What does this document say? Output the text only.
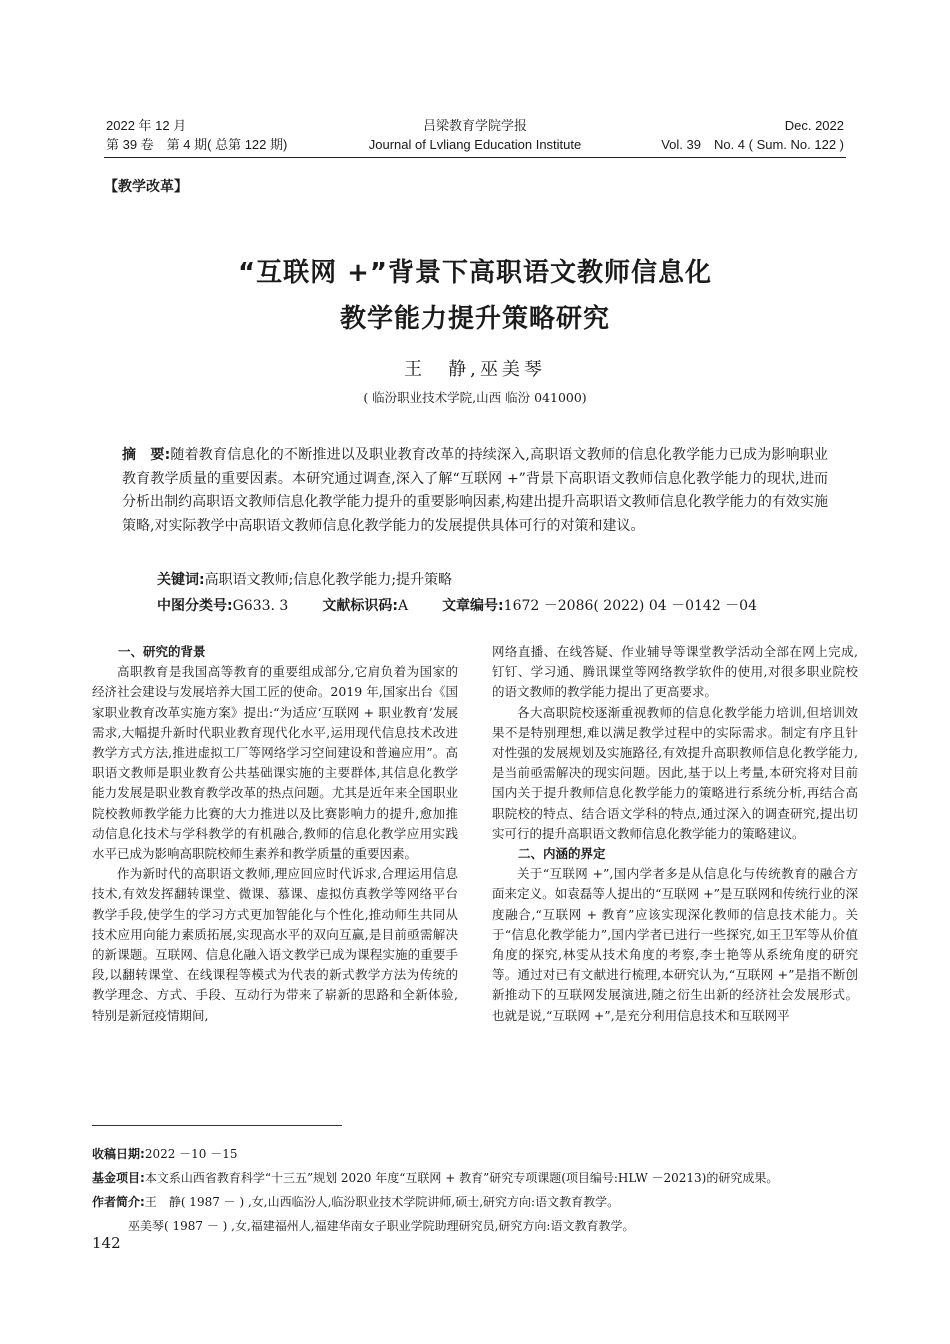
2022 年 12 月
第 39 卷　第 4 期( 总第 122 期)
吕梁教育学院学报
Journal of Lvliang Education Institute
Dec. 2022
Vol. 39　No. 4 ( Sum. No. 122 )
【教学改革】
“互联网 +”背景下高职语文教师信息化
教学能力提升策略研究
王　静,巫美琴
( 临汾职业技术学院,山西 临汾 041000)
摘　要:随着教育信息化的不断推进以及职业教育改革的持续深入,高职语文教师的信息化教学能力已成为影响职业教育教学质量的重要因素。本研究通过调查,深入了解“互联网 +”背景下高职语文教师信息化教学能力的现状,进而分析出制约高职语文教师信息化教学能力提升的重要影响因素,构建出提升高职语文教师信息化教学能力的有效实施策略,对实际教学中高职语文教师信息化教学能力的发展提供具体可行的对策和建议。
关键词:高职语文教师;信息化教学能力;提升策略
中图分类号:G633. 3 文献标识码:A 文章编号:1672 －2086( 2022) 04 －0142 －04
一、研究的背景

高职教育是我国高等教育的重要组成部分,它肩负着为国家的经济社会建设与发展培养大国工匠的使命。2019 年,国家出台《国家职业教育改革实施方案》提出:“为适应‘互联网 + 职业教育’发展需求,大幅提升新时代职业教育现代化水平,运用现代信息技术改进教学方式方法,推进虚拟工厂等网络学习空间建设和普遍应用”。高职语文教师是职业教育公共基础课实施的主要群体,其信息化教学能力发展是职业教育教学改革的热点问题。尤其是近年来全国职业院校教师教学能力比赛的大力推进以及比赛影响力的提升,愈加推动信息化技术与学科教学的有机融合,教师的信息化教学应用实践水平已成为影响高职院校师生素养和教学质量的重要因素。

作为新时代的高职语文教师,理应回应时代诉求,合理运用信息技术,有效发挥翻转课堂、微课、慕课、虚拟仿真教学等网络平台教学手段,使学生的学习方式更加智能化与个性化,推动师生共同从技术应用向能力素质拓展,实现高水平的双向互赢,是目前亟需解决的新课题。互联网、信息化融入语文教学已成为课程实施的重要手段,以翻转课堂、在线课程等模式为代表的新式教学方法为传统的教学理念、方式、手段、互动行为带来了崭新的思路和全新体验,特别是新冠疫情期间,

网络直播、在线答疑、作业辅导等课堂教学活动全部在网上完成,钉钉、学习通、腾讯课堂等网络教学软件的使用,对很多职业院校的语文教师的教学能力提出了更高要求。

各大高职院校逐渐重视教师的信息化教学能力培训,但培训效果不是特别理想,难以满足教学过程中的实际需求。制定有序且针对性强的发展规划及实施路径,有效提升高职教师信息化教学能力,是当前亟需解决的现实问题。因此,基于以上考量,本研究将对目前国内关于提升教师信息化教学能力的策略进行系统分析,再结合高职院校的特点、结合语文学科的特点,通过深入的调查研究,提出切实可行的提升高职语文教师信息化教学能力的策略建议。

二、内涵的界定

关于“互联网 +”,国内学者多是从信息化与传统教育的融合方面来定义。如袁磊等人提出的“互联网 +”是互联网和传统行业的深度融合,“互联网 + 教育”应该实现深化教师的信息技术能力。关于“信息化教学能力”,国内学者已进行一些探究,如王卫军等从价值角度的探究,林雯从技术角度的考察,李士艳等从系统角度的研究等。通过对已有文献进行梳理,本研究认为,“互联网 +”是指不断创新推动下的互联网发展演进,随之衍生出新的经济社会发展形式。也就是说,“互联网 +”,是充分利用信息技术和互联网平

收稿日期:2022 －10 －15
基金项目:本文系山西省教育科学“十三五”规划 2020 年度“互联网 + 教育”研究专项课题(项目编号:HLW －20213)的研究成果。
作者简介:王　静( 1987 － ) ,女,山西临汾人,临汾职业技术学院讲师,硕士,研究方向:语文教育教学。
巫美琴( 1987 － ) ,女,福建福州人,福建华南女子职业学院助理研究员,研究方向:语文教育教学。
142
